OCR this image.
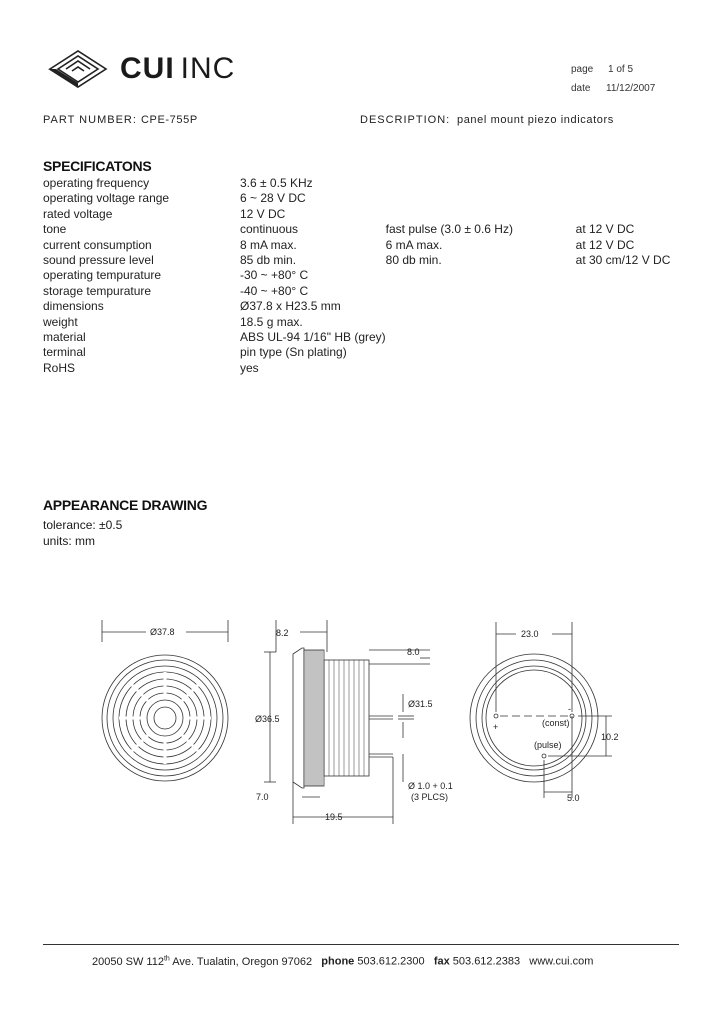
CUI INC	page 1 of 5
date 11/12/2007
PART NUMBER: CPE-755P	DESCRIPTION: panel mount piezo indicators
SPECIFICATONS
operating frequency	3.6 ± 0.5 KHz		
operating voltage range	6 ~ 28 V DC		
rated voltage	12 V DC		
tone	continuous	fast pulse (3.0 ± 0.6 Hz)	at 12 V DC
current consumption	8 mA max.	6 mA max.	at 12 V DC
sound pressure level	85 db min.	80 db min.	at 30 cm/12 V DC
operating tempurature	-30 ~ +80° C		
storage tempurature	-40 ~ +80° C		
dimensions	Ø37.8 x H23.5 mm		
weight	18.5 g max.		
material	ABS UL-94 1/16" HB (grey)		
terminal	pin type (Sn plating)		
RoHS	yes		
APPEARANCE DRAWING
tolerance: ±0.5
units: mm
Ø37.8	8.2
8.0
Ø36.5
Ø31.5
Ø 1.0 + 0.1
(3 PLCS)
7.0
19.5
23.0
10.2
5.0
(const)
(pulse)
+
-
20050 SW 112th Ave. Tualatin, Oregon 97062 phone 503.612.2300 fax 503.612.2383 www.cui.com
